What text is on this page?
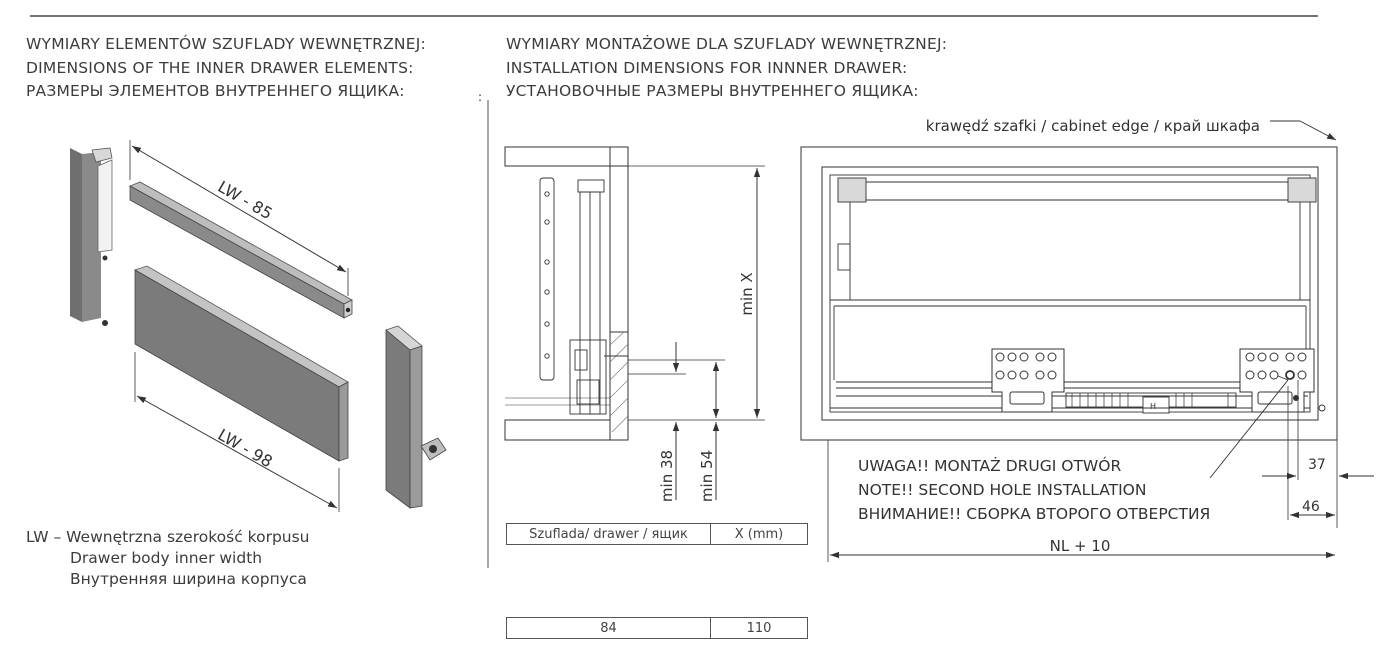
WYMIARY ELEMENTÓW SZUFLADY WEWNĘTRZNEJ:
DIMENSIONS OF THE INNER DRAWER ELEMENTS:
РАЗМЕРЫ ЭЛЕМЕНТОВ ВНУТРЕННЕГО ЯЩИКА:
WYMIARY MONTAŻOWE DLA SZUFLADY WEWNĘTRZNEJ:
INSTALLATION DIMENSIONS FOR INNNER DRAWER:
УСТАНОВОЧНЫЕ РАЗМЕРЫ ВНУТРЕННЕГО ЯЩИКА:
LW – Wewnętrzna szerokość korpusu
Drawer body inner width
Внутренняя ширина корпуса
Szuflada/ drawer / ящик	X (mm)
84	110
:
LW - 85
LW - 98
min X
min 38 min 54
krawędź szafki / cabinet edge / край шкафа
H
37
46
NL + 10
UWAGA!! MONTAŻ DRUGI OTWÓR
NOTE!! SECOND HOLE INSTALLATION
ВНИМАНИЕ!! СБОРКА ВТОРОГО ОТВЕРСТИЯ
